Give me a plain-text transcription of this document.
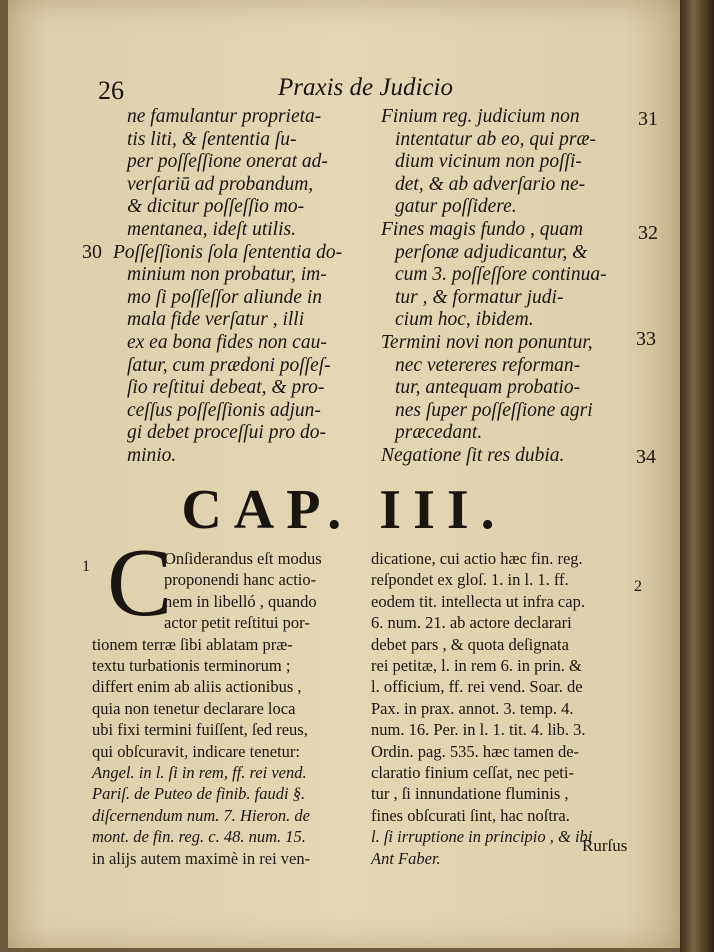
26	Praxis de Judicio
ne famulantur proprieta-
tis liti, & ſententia ſu-
per poſſeſſione onerat ad-
verſariū ad probandum,
& dicitur poſſeſſio mo-
mentanea, ideſt utilis.
Poſſeſſionis ſola ſententia do-
minium non probatur, im-
mo ſi poſſeſſor aliunde in
mala fide verſatur , illi
ex ea bona fides non cau-
ſatur, cum prædoni poſſeſ-
ſio reſtitui debeat, & pro-
ceſſus poſſeſſionis adjun-
gi debet proceſſui pro do-
minio.
30
Finium reg. judicium non
intentatur ab eo, qui præ-
dium vicinum non poſſi-
det, & ab adverſario ne-
gatur poſſidere.
Fines magis fundo , quam
perſonæ adjudicantur, &
cum 3. poſſeſſore continua-
tur , & formatur judi-
cium hoc, ibidem.
Termini novi non ponuntur,
nec vetereres reforman-
tur, antequam probatio-
nes ſuper poſſeſſione agri
præcedant.
Negatione ſit res dubia.
31
32
33
34
CAP. III.
1
2
C
Onſiderandus eſt modus
proponendi hanc actio-
nem in libelló , quando
actor petit reſtitui por-
tionem terræ ſibi ablatam præ-
textu turbationis terminorum ;
differt enim ab aliis actionibus ,
quia non tenetur declarare loca
ubi fixi termini fuiſſent, ſed reus,
qui obſcuravit, indicare tenetur:
Angel. in l. ſi in rem, ff. rei vend.
Pariſ. de Puteo de finib. faudi §.
diſcernendum num. 7. Hieron. de
mont. de fin. reg. c. 48. num. 15.
in alijs autem maximè in rei ven-
dicatione, cui actio hæc fin. reg.
reſpondet ex gloſ. 1. in l. 1. ff.
eodem tit. intellecta ut infra cap.
6. num. 21. ab actore declarari
debet pars , & quota deſignata
rei petitæ, l. in rem 6. in prin. &
l. officium, ff. rei vend. Soar. de
Pax. in prax. annot. 3. temp. 4.
num. 16. Per. in l. 1. tit. 4. lib. 3.
Ordin. pag. 535. hæc tamen de-
claratio finium ceſſat, nec peti-
tur , ſi innundatione fluminis ,
fines obſcurati ſint, hac noſtra.
l. ſi irruptione in principio , & ibi
Ant Faber.
Rurſus
